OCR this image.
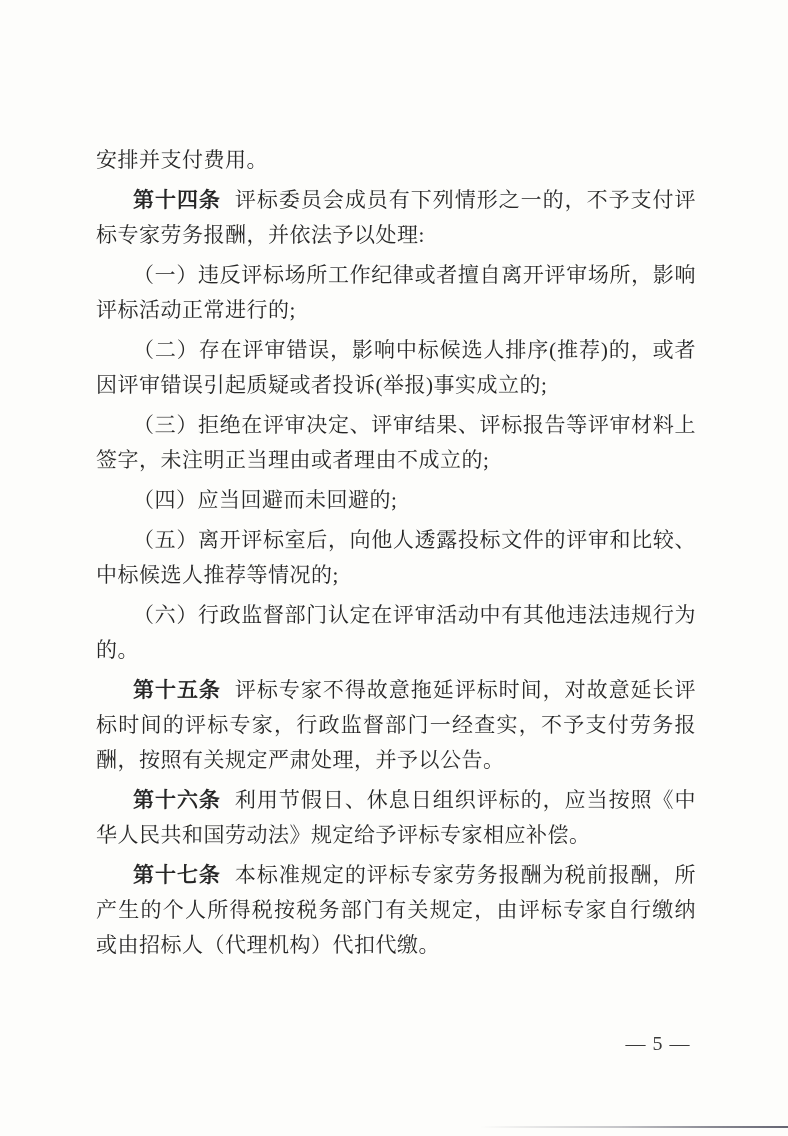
安排并支付费用。

第十四条 评标委员会成员有下列情形之一的，不予支付评标专家劳务报酬，并依法予以处理:

（一）违反评标场所工作纪律或者擅自离开评审场所，影响评标活动正常进行的;

（二）存在评审错误，影响中标候选人排序(推荐)的，或者因评审错误引起质疑或者投诉(举报)事实成立的;

（三）拒绝在评审决定、评审结果、评标报告等评审材料上签字，未注明正当理由或者理由不成立的;

（四）应当回避而未回避的;

（五）离开评标室后，向他人透露投标文件的评审和比较、中标候选人推荐等情况的;

（六）行政监督部门认定在评审活动中有其他违法违规行为的。

第十五条 评标专家不得故意拖延评标时间，对故意延长评标时间的评标专家，行政监督部门一经查实，不予支付劳务报酬，按照有关规定严肃处理，并予以公告。

第十六条 利用节假日、休息日组织评标的，应当按照《中华人民共和国劳动法》规定给予评标专家相应补偿。

第十七条 本标准规定的评标专家劳务报酬为税前报酬，所产生的个人所得税按税务部门有关规定，由评标专家自行缴纳或由招标人（代理机构）代扣代缴。

— 5 —
